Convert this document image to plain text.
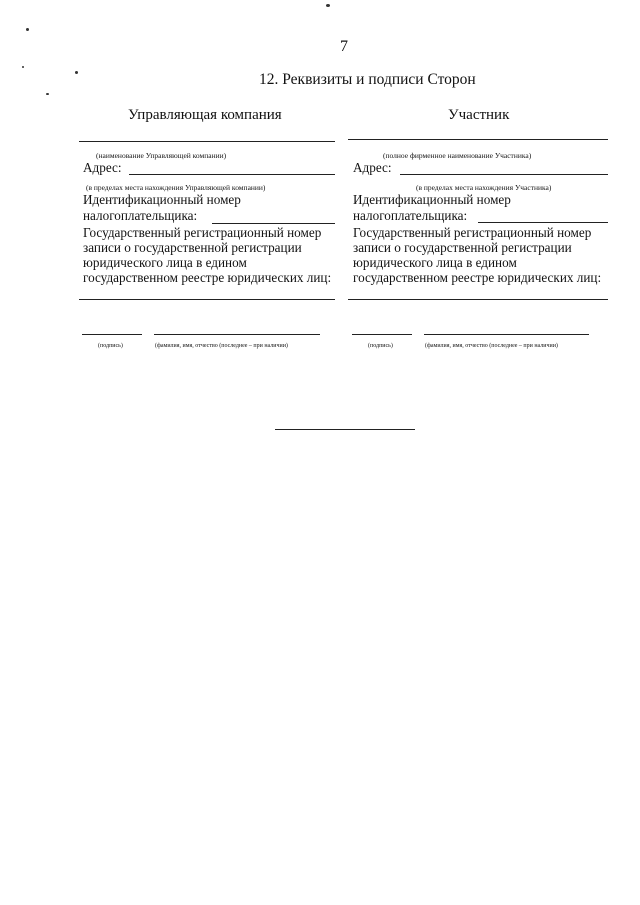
7
12. Реквизиты и подписи Сторон
Управляющая компания
(наименование Управляющей компании)
Адрес:
(в пределах места нахождения Управляющей компании)
Идентификационный номер
налогоплательщика:
Государственный регистрационный номер
записи о государственной регистрации
юридического лица в едином
государственном реестре юридических лиц:
(подпись)	(фамилия, имя, отчество (последнее – при наличии)
Участник
(полное фирменное наименование Участника)
Адрес:
(в пределах места нахождения Участника)
Идентификационный номер
налогоплательщика:
Государственный регистрационный номер
записи о государственной регистрации
юридического лица в едином
государственном реестре юридических лиц:
(подпись)	(фамилия, имя, отчество (последнее – при наличии)
